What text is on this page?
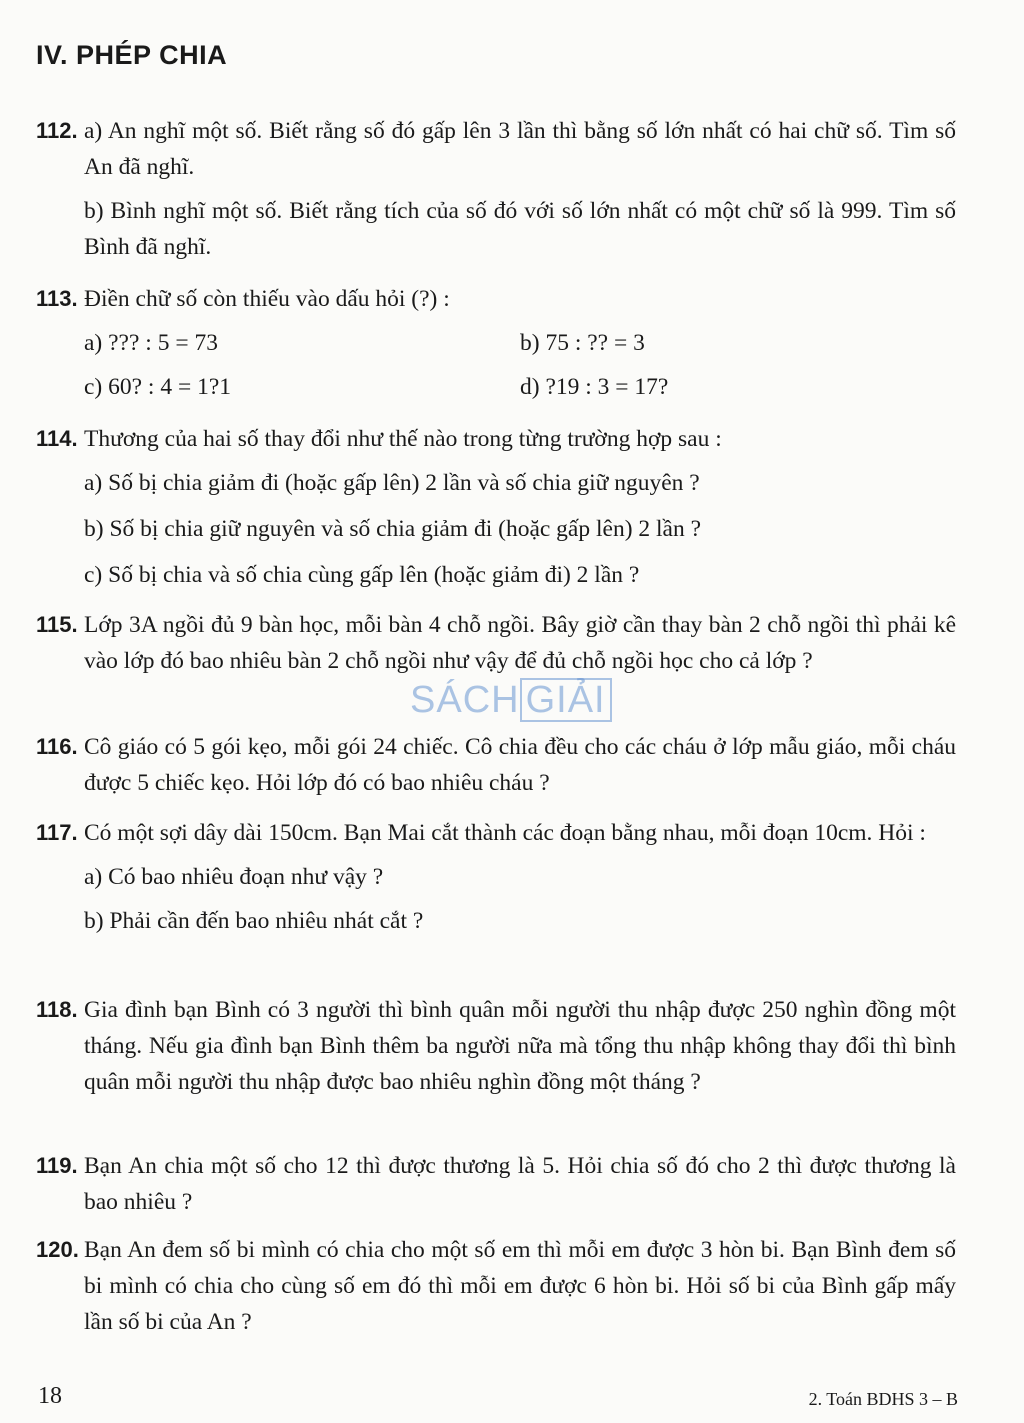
IV. PHÉP CHIA
112. a) An nghĩ một số. Biết rằng số đó gấp lên 3 lần thì bằng số lớn nhất có hai chữ số. Tìm số An đã nghĩ.
b) Bình nghĩ một số. Biết rằng tích của số đó với số lớn nhất có một chữ số là 999. Tìm số Bình đã nghĩ.
113. Điền chữ số còn thiếu vào dấu hỏi (?) :
a) ??? : 5 = 73	b) 75 : ?? = 3
c) 60? : 4 = 1?1	d) ?19 : 3 = 17?
114. Thương của hai số thay đổi như thế nào trong từng trường hợp sau :
a) Số bị chia giảm đi (hoặc gấp lên) 2 lần và số chia giữ nguyên ?
b) Số bị chia giữ nguyên và số chia giảm đi (hoặc gấp lên) 2 lần ?
c) Số bị chia và số chia cùng gấp lên (hoặc giảm đi) 2 lần ?
115. Lớp 3A ngồi đủ 9 bàn học, mỗi bàn 4 chỗ ngồi. Bây giờ cần thay bàn 2 chỗ ngồi thì phải kê vào lớp đó bao nhiêu bàn 2 chỗ ngồi như vậy để đủ chỗ ngồi học cho cả lớp ?
116. Cô giáo có 5 gói kẹo, mỗi gói 24 chiếc. Cô chia đều cho các cháu ở lớp mẫu giáo, mỗi cháu được 5 chiếc kẹo. Hỏi lớp đó có bao nhiêu cháu ?
117. Có một sợi dây dài 150cm. Bạn Mai cắt thành các đoạn bằng nhau, mỗi đoạn 10cm. Hỏi :
a) Có bao nhiêu đoạn như vậy ?
b) Phải cần đến bao nhiêu nhát cắt ?
118. Gia đình bạn Bình có 3 người thì bình quân mỗi người thu nhập được 250 nghìn đồng một tháng. Nếu gia đình bạn Bình thêm ba người nữa mà tổng thu nhập không thay đổi thì bình quân mỗi người thu nhập được bao nhiêu nghìn đồng một tháng ?
119. Bạn An chia một số cho 12 thì được thương là 5. Hỏi chia số đó cho 2 thì được thương là bao nhiêu ?
120. Bạn An đem số bi mình có chia cho một số em thì mỗi em được 3 hòn bi. Bạn Bình đem số bi mình có chia cho cùng số em đó thì mỗi em được 6 hòn bi. Hỏi số bi của Bình gấp mấy lần số bi của An ?
SÁCH GIẢI
18	2. Toán BDHS 3 – B
